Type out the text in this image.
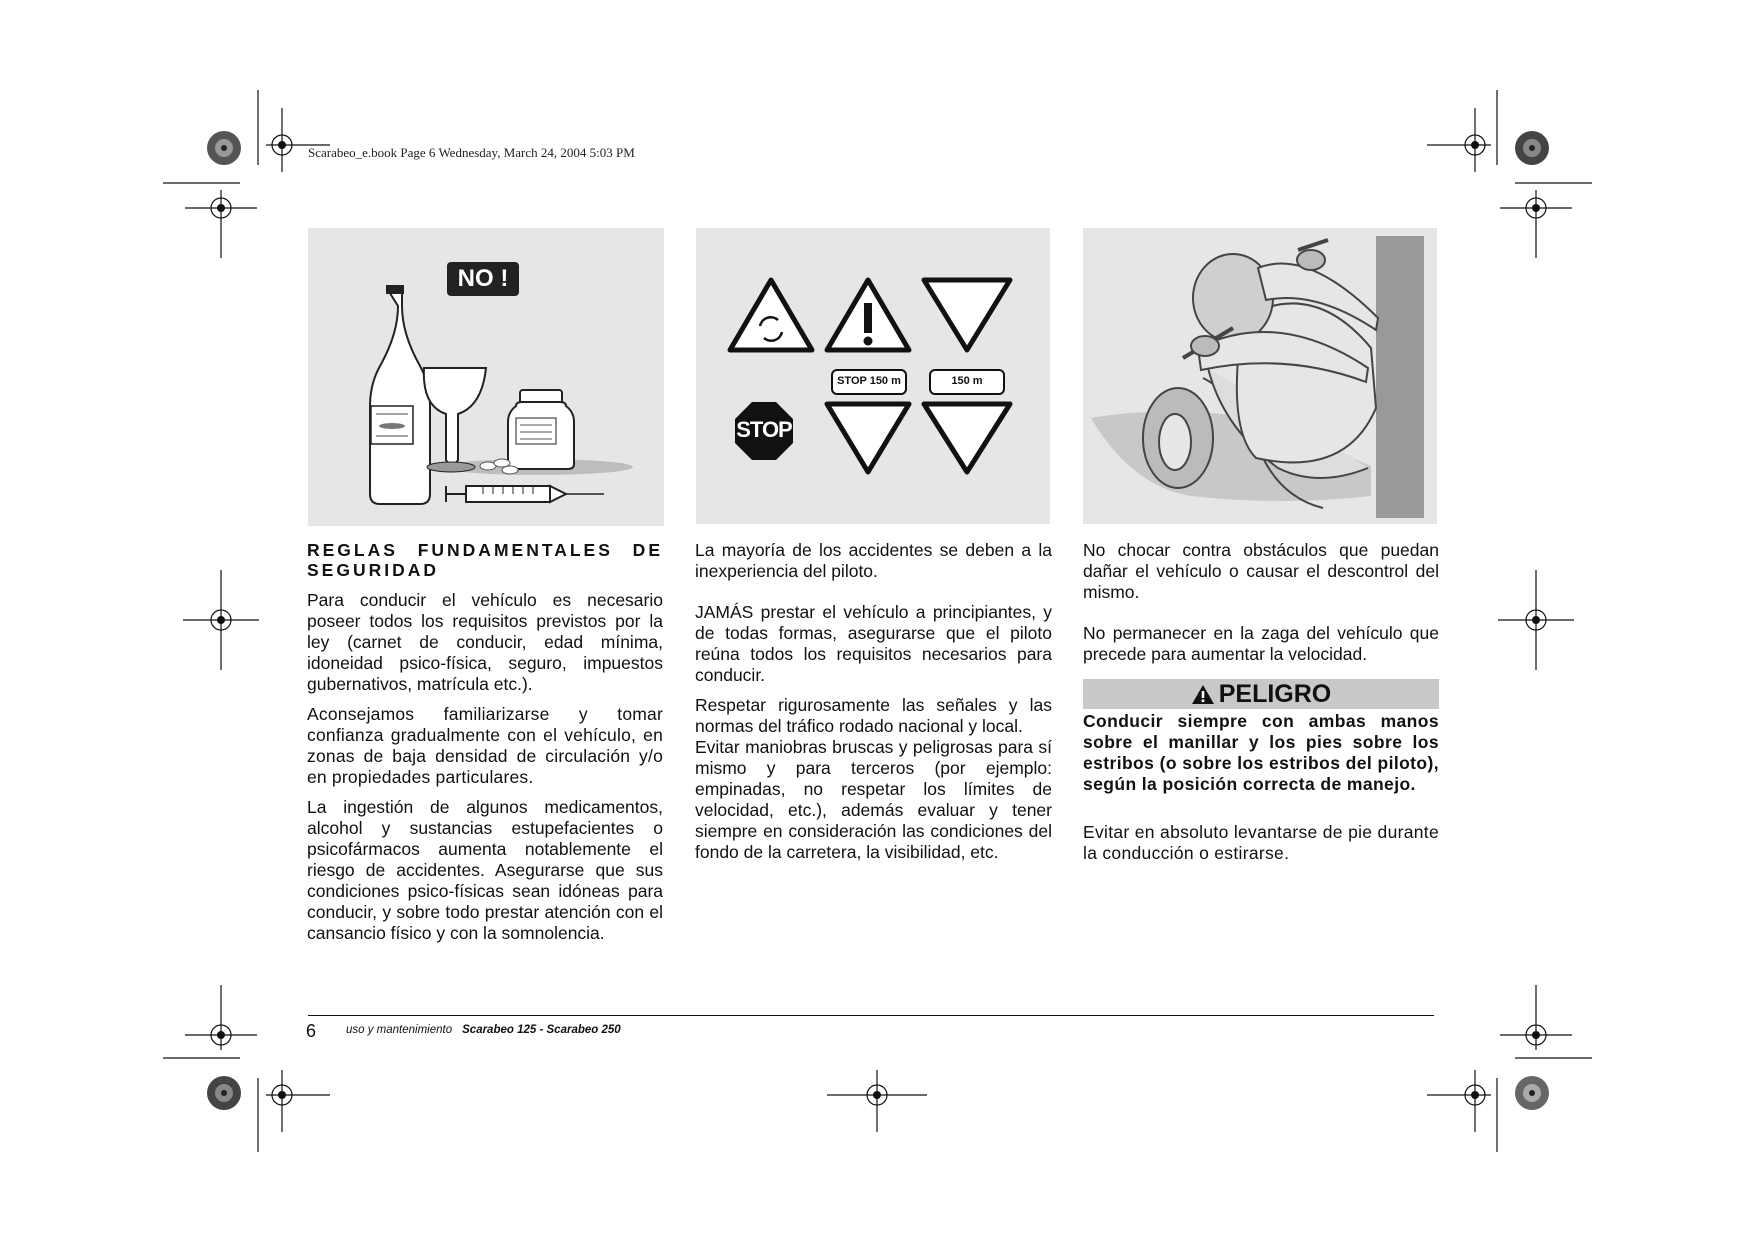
Scarabeo_e.book Page 6 Wednesday, March 24, 2004 5:03 PM
NO !
STOP
STOP 150 m	150 m
REGLAS FUNDAMENTALES DE SEGURIDAD

Para conducir el vehículo es necesario poseer todos los requisitos previstos por la ley (carnet de conducir, edad mínima, idoneidad psico-física, seguro, impuestos gubernativos, matrícula etc.).

Aconsejamos familiarizarse y tomar confianza gradualmente con el vehículo, en zonas de baja densidad de circulación y/o en propiedades particulares.

La ingestión de algunos medicamentos, alcohol y sustancias estupefacientes o psicofármacos aumenta notablemente el riesgo de accidentes. Asegurarse que sus condiciones psico-físicas sean idóneas para conducir, y sobre todo prestar atención con el cansancio físico y con la somnolencia.

La mayoría de los accidentes se deben a la inexperiencia del piloto.

JAMÁS prestar el vehículo a principiantes, y de todas formas, asegurarse que el piloto reúna todos los requisitos necesarios para conducir.

Respetar rigurosamente las señales y las normas del tráfico rodado nacional y local.

Evitar maniobras bruscas y peligrosas para sí mismo y para terceros (por ejemplo: empinadas, no respetar los límites de velocidad, etc.), además evaluar y tener siempre en consideración las condiciones del fondo de la carretera, la visibilidad, etc.

No chocar contra obstáculos que puedan dañar el vehículo o causar el descontrol del mismo.

No permanecer en la zaga del vehículo que precede para aumentar la velocidad.

PELIGRO
Conducir siempre con ambas manos sobre el manillar y los pies sobre los estribos (o sobre los estribos del piloto), según la posición correcta de manejo.

Evitar en absoluto levantarse de pie durante la conducción o estirarse.

6	uso y mantenimiento Scarabeo 125 - Scarabeo 250
